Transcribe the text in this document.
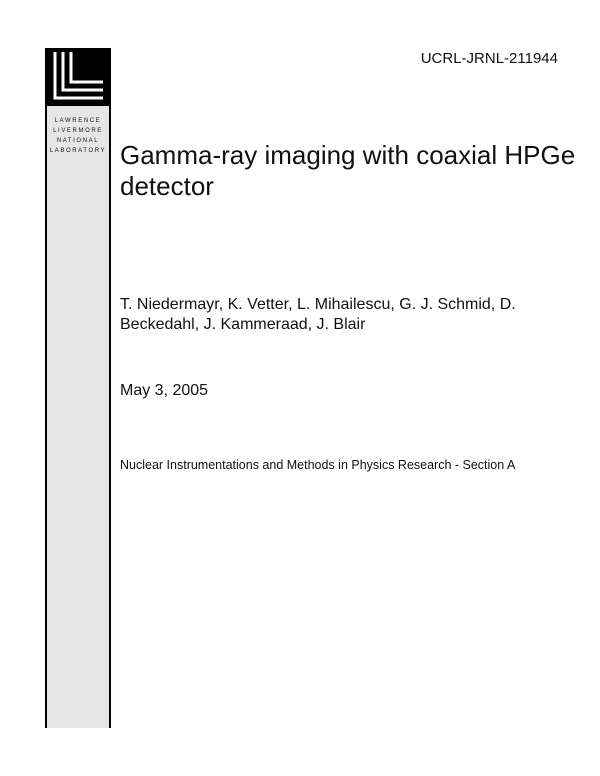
LAWRENCE
LIVERMORE
NATIONAL
LABORATORY
UCRL-JRNL-211944
Gamma-ray imaging with coaxial HPGe detector
T. Niedermayr, K. Vetter, L. Mihailescu, G. J. Schmid, D. Beckedahl, J. Kammeraad, J. Blair
May 3, 2005
Nuclear Instrumentations and Methods in Physics Research - Section A
